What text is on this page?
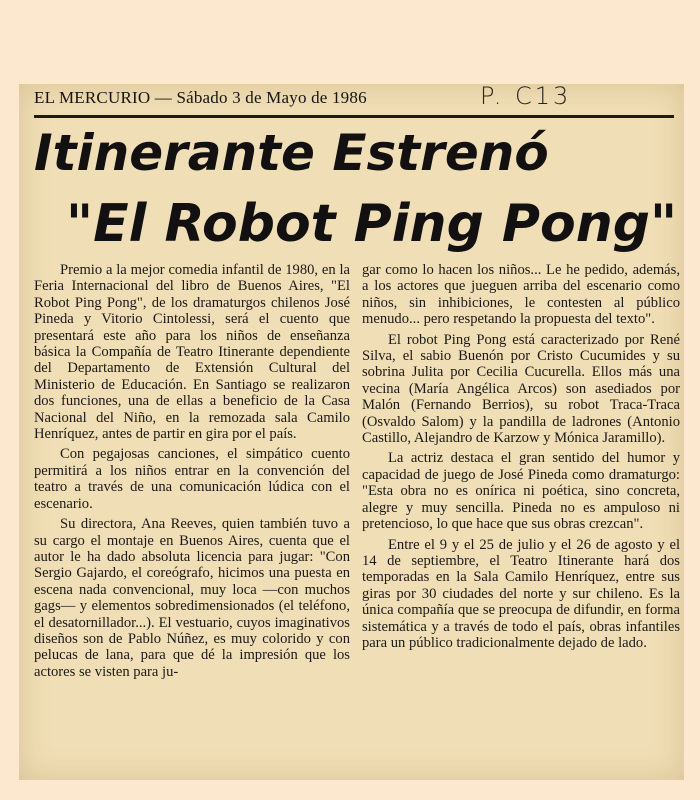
EL MERCURIO — Sábado 3 de Mayo de 1986	P. C13
Itinerante Estrenó
"El Robot Ping Pong"

Premio a la mejor comedia infantil de 1980, en la Feria Internacional del libro de Buenos Aires, "El Robot Ping Pong", de los dramaturgos chilenos José Pineda y Vitorio Cintolessi, será el cuento que presentará este año para los niños de enseñanza básica la Compañía de Teatro Itinerante dependiente del Departamento de Extensión Cultural del Ministerio de Educación. En Santiago se realizaron dos funciones, una de ellas a beneficio de la Casa Nacional del Niño, en la remozada sala Camilo Henríquez, antes de partir en gira por el país.

Con pegajosas canciones, el simpático cuento permitirá a los niños entrar en la convención del teatro a través de una comunicación lúdica con el escenario.

Su directora, Ana Reeves, quien también tuvo a su cargo el montaje en Buenos Aires, cuenta que el autor le ha dado absoluta licencia para jugar: "Con Sergio Gajardo, el coreógrafo, hicimos una puesta en escena nada convencional, muy loca —con muchos gags— y elementos sobredimensionados (el teléfono, el desatornillador...). El vestuario, cuyos imaginativos diseños son de Pablo Núñez, es muy colorido y con pelucas de lana, para que dé la impresión que los actores se visten para ju-

gar como lo hacen los niños... Le he pedido, además, a los actores que jueguen arriba del escenario como niños, sin inhibiciones, le contesten al público menudo... pero respetando la propuesta del texto".

El robot Ping Pong está caracterizado por René Silva, el sabio Buenón por Cristo Cucumides y su sobrina Julita por Cecilia Cucurella. Ellos más una vecina (María Angélica Arcos) son asediados por Malón (Fernando Berrios), su robot Traca-Traca (Osvaldo Salom) y la pandilla de ladrones (Antonio Castillo, Alejandro de Karzow y Mónica Jaramillo).

La actriz destaca el gran sentido del humor y capacidad de juego de José Pineda como dramaturgo: "Esta obra no es onírica ni poética, sino concreta, alegre y muy sencilla. Pineda no es ampuloso ni pretencioso, lo que hace que sus obras crezcan".

Entre el 9 y el 25 de julio y el 26 de agosto y el 14 de septiembre, el Teatro Itinerante hará dos temporadas en la Sala Camilo Henríquez, entre sus giras por 30 ciudades del norte y sur chileno. Es la única compañía que se preocupa de difundir, en forma sistemática y a través de todo el país, obras infantiles para un público tradicionalmente dejado de lado.
